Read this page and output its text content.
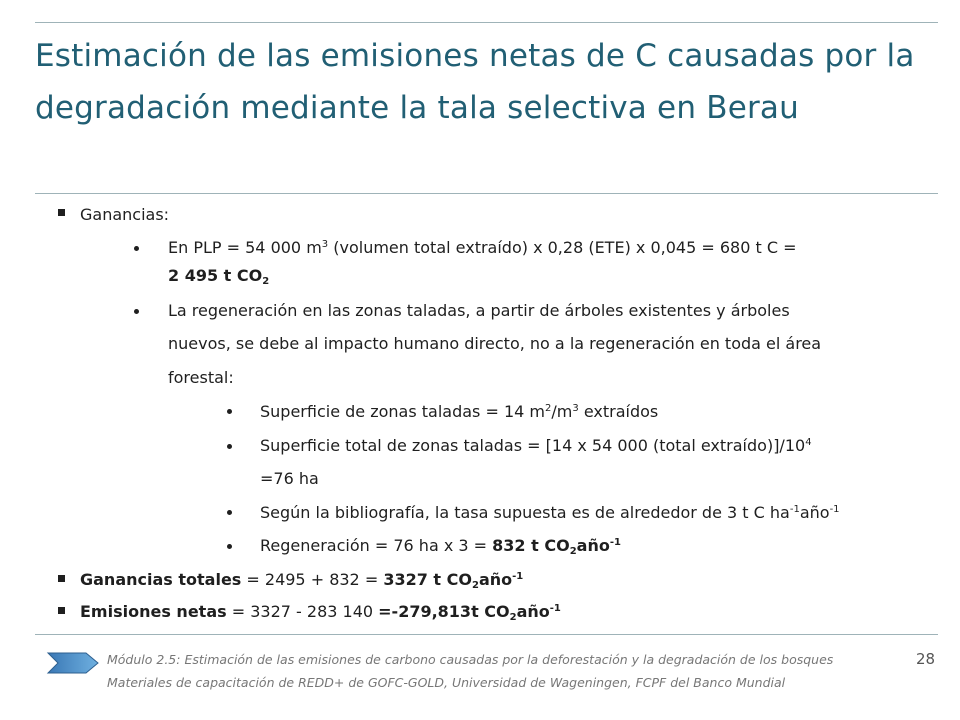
Estimación de las emisiones netas de C causadas por la degradación mediante la tala selectiva en Berau
Ganancias:
En PLP = 54 000 $m^3$ (volumen total extraído) x 0,28 (ETE) x 0,045 = 680 t C =
2 495 t $CO_2$
La regeneración en las zonas taladas, a partir de árboles existentes y árboles
nuevos, se debe al impacto humano directo, no a la regeneración en toda el área
forestal:
Superficie de zonas taladas = 14 $m^2/m^3$ extraídos
Superficie total de zonas taladas = [14 x 54 000 (total $extraído)]/10^4$
=76 ha
Según la bibliografía, la tasa supuesta es de alrededor de 3 t C $ha^{-1}año^{-1}$
Regeneración = 76 ha x 3 = 832 t $CO_2año^{-1}$
Ganancias totales = 2495 + 832 = 3327 t $CO_2año^{-1}$
Emisiones netas = 3327 - 283 140 =-279,813t $CO_2año^{-1}$
Módulo 2.5: Estimación de las emisiones de carbono causadas por la deforestación y la degradación de los bosques	28
Materiales de capacitación de REDD+ de GOFC-GOLD, Universidad de Wageningen, FCPF del Banco Mundial
